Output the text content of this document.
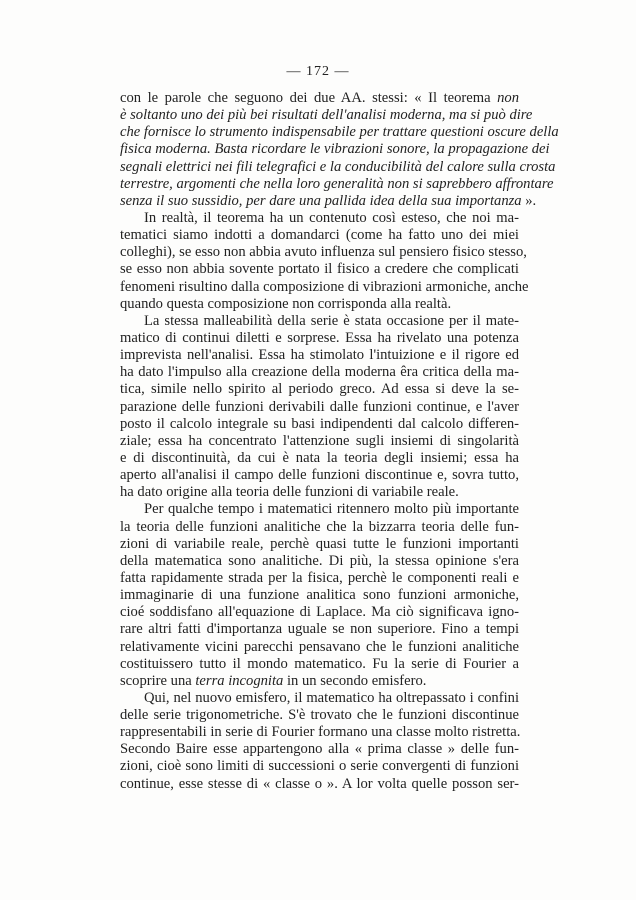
— 172 —
con le parole che seguono dei due AA. stessi: « Il teorema non
è soltanto uno dei più bei risultati dell'analisi moderna, ma si può dire
che fornisce lo strumento indispensabile per trattare questioni oscure della
fisica moderna. Basta ricordare le vibrazioni sonore, la propagazione dei
segnali elettrici nei fili telegrafici e la conducibilità del calore sulla crosta
terrestre, argomenti che nella loro generalità non si saprebbero affrontare
senza il suo sussidio, per dare una pallida idea della sua importanza ».
In realtà, il teorema ha un contenuto così esteso, che noi ma-
tematici siamo indotti a domandarci (come ha fatto uno dei miei
colleghi), se esso non abbia avuto influenza sul pensiero fisico stesso,
se esso non abbia sovente portato il fisico a credere che complicati
fenomeni risultino dalla composizione di vibrazioni armoniche, anche
quando questa composizione non corrisponda alla realtà.
La stessa malleabilità della serie è stata occasione per il mate-
matico di continui diletti e sorprese. Essa ha rivelato una potenza
imprevista nell'analisi. Essa ha stimolato l'intuizione e il rigore ed
ha dato l'impulso alla creazione della moderna êra critica della ma-
tica, simile nello spirito al periodo greco. Ad essa si deve la se-
parazione delle funzioni derivabili dalle funzioni continue, e l'aver
posto il calcolo integrale su basi indipendenti dal calcolo differen-
ziale; essa ha concentrato l'attenzione sugli insiemi di singolarità
e di discontinuità, da cui è nata la teoria degli insiemi; essa ha
aperto all'analisi il campo delle funzioni discontinue e, sovra tutto,
ha dato origine alla teoria delle funzioni di variabile reale.
Per qualche tempo i matematici ritennero molto più importante
la teoria delle funzioni analitiche che la bizzarra teoria delle fun-
zioni di variabile reale, perchè quasi tutte le funzioni importanti
della matematica sono analitiche. Di più, la stessa opinione s'era
fatta rapidamente strada per la fisica, perchè le componenti reali e
immaginarie di una funzione analitica sono funzioni armoniche,
cioé soddisfano all'equazione di Laplace. Ma ciò significava igno-
rare altri fatti d'importanza uguale se non superiore. Fino a tempi
relativamente vicini parecchi pensavano che le funzioni analitiche
costituissero tutto il mondo matematico. Fu la serie di Fourier a
scoprire una terra incognita in un secondo emisfero.
Qui, nel nuovo emisfero, il matematico ha oltrepassato i confini
delle serie trigonometriche. S'è trovato che le funzioni discontinue
rappresentabili in serie di Fourier formano una classe molto ristretta.
Secondo Baire esse appartengono alla « prima classe » delle fun-
zioni, cioè sono limiti di successioni o serie convergenti di funzioni
continue, esse stesse di « classe o ». A lor volta quelle posson ser-
